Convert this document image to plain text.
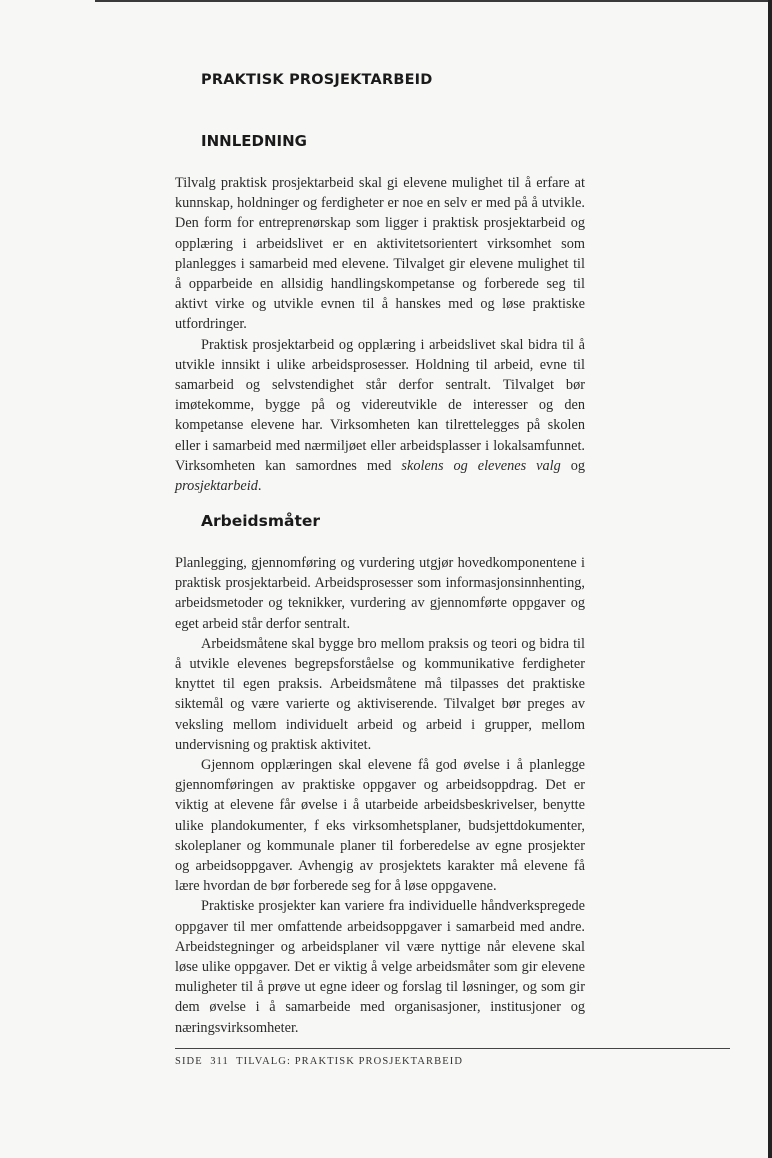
PRAKTISK PROSJEKTARBEID
INNLEDNING

Tilvalg praktisk prosjektarbeid skal gi elevene mulighet til å erfare at kunnskap, holdninger og ferdigheter er noe en selv er med på å utvikle. Den form for entreprenørskap som ligger i praktisk prosjektarbeid og opplæring i arbeidslivet er en aktivitetsorientert virksomhet som planlegges i samarbeid med elevene. Tilvalget gir elevene mulighet til å opparbeide en allsidig handlingskompetanse og forberede seg til aktivt virke og utvikle evnen til å hanskes med og løse praktiske utfordringer.

Praktisk prosjektarbeid og opplæring i arbeidslivet skal bidra til å utvikle innsikt i ulike arbeidsprosesser. Holdning til arbeid, evne til samarbeid og selvstendighet står derfor sentralt. Tilvalget bør imøtekomme, bygge på og videreutvikle de interesser og den kompetanse elevene har. Virksomheten kan tilrettelegges på skolen eller i samarbeid med nærmiljøet eller arbeidsplasser i lokalsamfunnet. Virksomheten kan samordnes med skolens og elevenes valg og prosjektarbeid.

Arbeidsmåter

Planlegging, gjennomføring og vurdering utgjør hovedkomponentene i praktisk prosjektarbeid. Arbeidsprosesser som informasjonsinnhenting, arbeidsmetoder og teknikker, vurdering av gjennomførte oppgaver og eget arbeid står derfor sentralt.

Arbeidsmåtene skal bygge bro mellom praksis og teori og bidra til å utvikle elevenes begrepsforståelse og kommunikative ferdigheter knyttet til egen praksis. Arbeidsmåtene må tilpasses det praktiske siktemål og være varierte og aktiviserende. Tilvalget bør preges av veksling mellom individuelt arbeid og arbeid i grupper, mellom undervisning og praktisk aktivitet.

Gjennom opplæringen skal elevene få god øvelse i å planlegge gjennomføringen av praktiske oppgaver og arbeidsoppdrag. Det er viktig at elevene får øvelse i å utarbeide arbeidsbeskrivelser, benytte ulike plandokumenter, f eks virksomhetsplaner, budsjettdokumenter, skoleplaner og kommunale planer til forberedelse av egne prosjekter og arbeidsoppgaver. Avhengig av prosjektets karakter må elevene få lære hvordan de bør forberede seg for å løse oppgavene.

Praktiske prosjekter kan variere fra individuelle håndverkspregede oppgaver til mer omfattende arbeidsoppgaver i samarbeid med andre. Arbeidstegninger og arbeidsplaner vil være nyttige når elevene skal løse ulike oppgaver. Det er viktig å velge arbeidsmåter som gir elevene muligheter til å prøve ut egne ideer og forslag til løsninger, og som gir dem øvelse i å samarbeide med organisasjoner, institusjoner og næringsvirksomheter.

SIDE 311 TILVALG: PRAKTISK PROSJEKTARBEID
